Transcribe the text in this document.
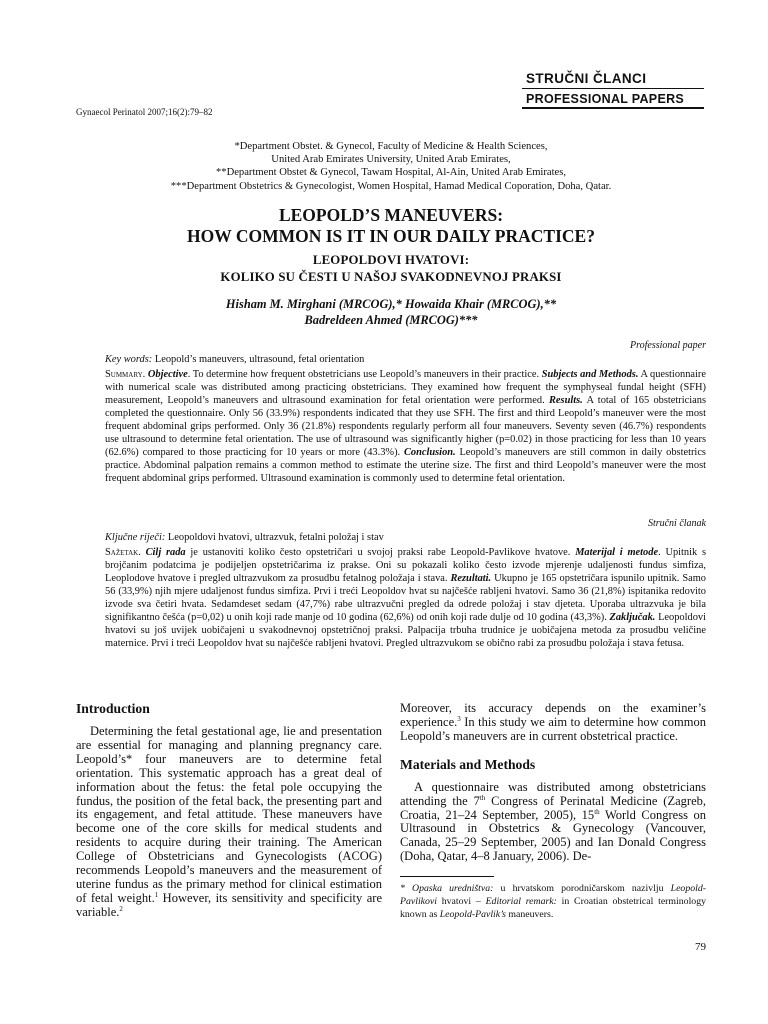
STRUČNI ČLANCI
PROFESSIONAL PAPERS
Gynaecol Perinatol 2007;16(2):79–82
*Department Obstet. & Gynecol, Faculty of Medicine & Health Sciences,
United Arab Emirates University, United Arab Emirates,
**Department Obstet & Gynecol, Tawam Hospital, Al-Ain, United Arab Emirates,
***Department Obstetrics & Gynecologist, Women Hospital, Hamad Medical Coporation, Doha, Qatar.
LEOPOLD’S MANEUVERS:
HOW COMMON IS IT IN OUR DAILY PRACTICE?
LEOPOLDOVI HVATOVI:
KOLIKO SU ČESTI U NAŠOJ SVAKODNEVNOJ PRAKSI
Hisham M. Mirghani (MRCOG),* Howaida Khair (MRCOG),**
Badreldeen Ahmed (MRCOG)***
Professional paper
Key words: Leopold’s maneuvers, ultrasound, fetal orientation
Summary. Objective. To determine how frequent obstetricians use Leopold’s maneuvers in their practice. Subjects and Methods. A questionnaire with numerical scale was distributed among practicing obstetricians. They examined how frequent the symphyseal fundal height (SFH) measurement, Leopold’s maneuvers and ultrasound examination for fetal orientation were performed. Results. A total of 165 obstetricians completed the questionnaire. Only 56 (33.9%) respondents indicated that they use SFH. The first and third Leopold’s maneuver were the most frequent abdominal grips performed. Only 36 (21.8%) respondents regularly perform all four maneuvers. Seventy seven (46.7%) respondents use ultrasound to determine fetal orientation. The use of ultrasound was significantly higher (p=0.02) in those practicing for less than 10 years (62.6%) compared to those practicing for 10 years or more (43.3%). Conclusion. Leopold’s maneuvers are still common in daily obstetrics practice. Abdominal palpation remains a common method to estimate the uterine size. The first and third Leopold’s maneuver were the most frequent abdominal grips performed. Ultrasound examination is commonly used to determine fetal orientation.
Stručni članak
Ključne riječi: Leopoldovi hvatovi, ultrazvuk, fetalni položaj i stav
Sažetak. Cilj rada je ustanoviti koliko često opstetričari u svojoj praksi rabe Leopold-Pavlikove hvatove. Materijal i metode. Upitnik s brojčanim podatcima je podijeljen opstetričarima iz prakse. Oni su pokazali koliko često izvode mjerenje udaljenosti fundus simfiza, Leoplodove hvatove i pregled ultrazvukom za prosudbu fetalnog položaja i stava. Rezultati. Ukupno je 165 opstetričara ispunilo upitnik. Samo 56 (33,9%) njih mjere udaljenost fundus simfiza. Prvi i treći Leopoldov hvat su najčešće rabljeni hvatovi. Samo 36 (21,8%) ispitanika redovito izvode sva četiri hvata. Sedamdeset sedam (47,7%) rabe ultrazvučni pregled da odrede položaj i stav djeteta. Uporaba ultrazvuka je bila signifikantno češća (p=0,02) u onih koji rade manje od 10 godina (62,6%) od onih koji rade dulje od 10 godina (43,3%). Zaključak. Leopoldovi hvatovi su još uvijek uobičajeni u svakodnevnoj opstetričnoj praksi. Palpacija trbuha trudnice je uobičajena metoda za prosudbu veličine maternice. Prvi i treći Leopoldov hvat su najčešće rabljeni hvatovi. Pregled ultrazvukom se obično rabi za prosudbu položaja i stava fetusa.
Introduction

Determining the fetal gestational age, lie and presentation are essential for managing and planning pregnancy care. Leopold’s* four maneuvers are to determine fetal orientation. This systematic approach has a great deal of information about the fetus: the fetal pole occupying the fundus, the position of the fetal back, the presenting part and its engagement, and fetal attitude. These maneuvers have become one of the core skills for medical students and residents to acquire during their training. The American College of Obstetricians and Gynecologists (ACOG) recommends Leopold’s maneuvers and the measurement of uterine fundus as the primary method for clinical estimation of fetal weight.$^1$ However, its sensitivity and specificity are variable.$^2$

Moreover, its accuracy depends on the examiner’s experience.$^3$ In this study we aim to determine how common Leopold’s maneuvers are in current obstetrical practice.

Materials and Methods

A questionnaire was distributed among obstetricians attending the 7th Congress of Perinatal Medicine (Zagreb, Croatia, 21–24 September, 2005), 15th World Congress on Ultrasound in Obstetrics & Gynecology (Vancouver, Canada, 25–29 September, 2005) and Ian Donald Congress (Doha, Qatar, 4–8 January, 2006). De-

* Opaska uredništva: u hrvatskom porodničarskom nazivlju Leopold-Pavlikovi hvatovi – Editorial remark: in Croatian obstetrical terminology known as Leopold-Pavlik’s maneuvers.
79
